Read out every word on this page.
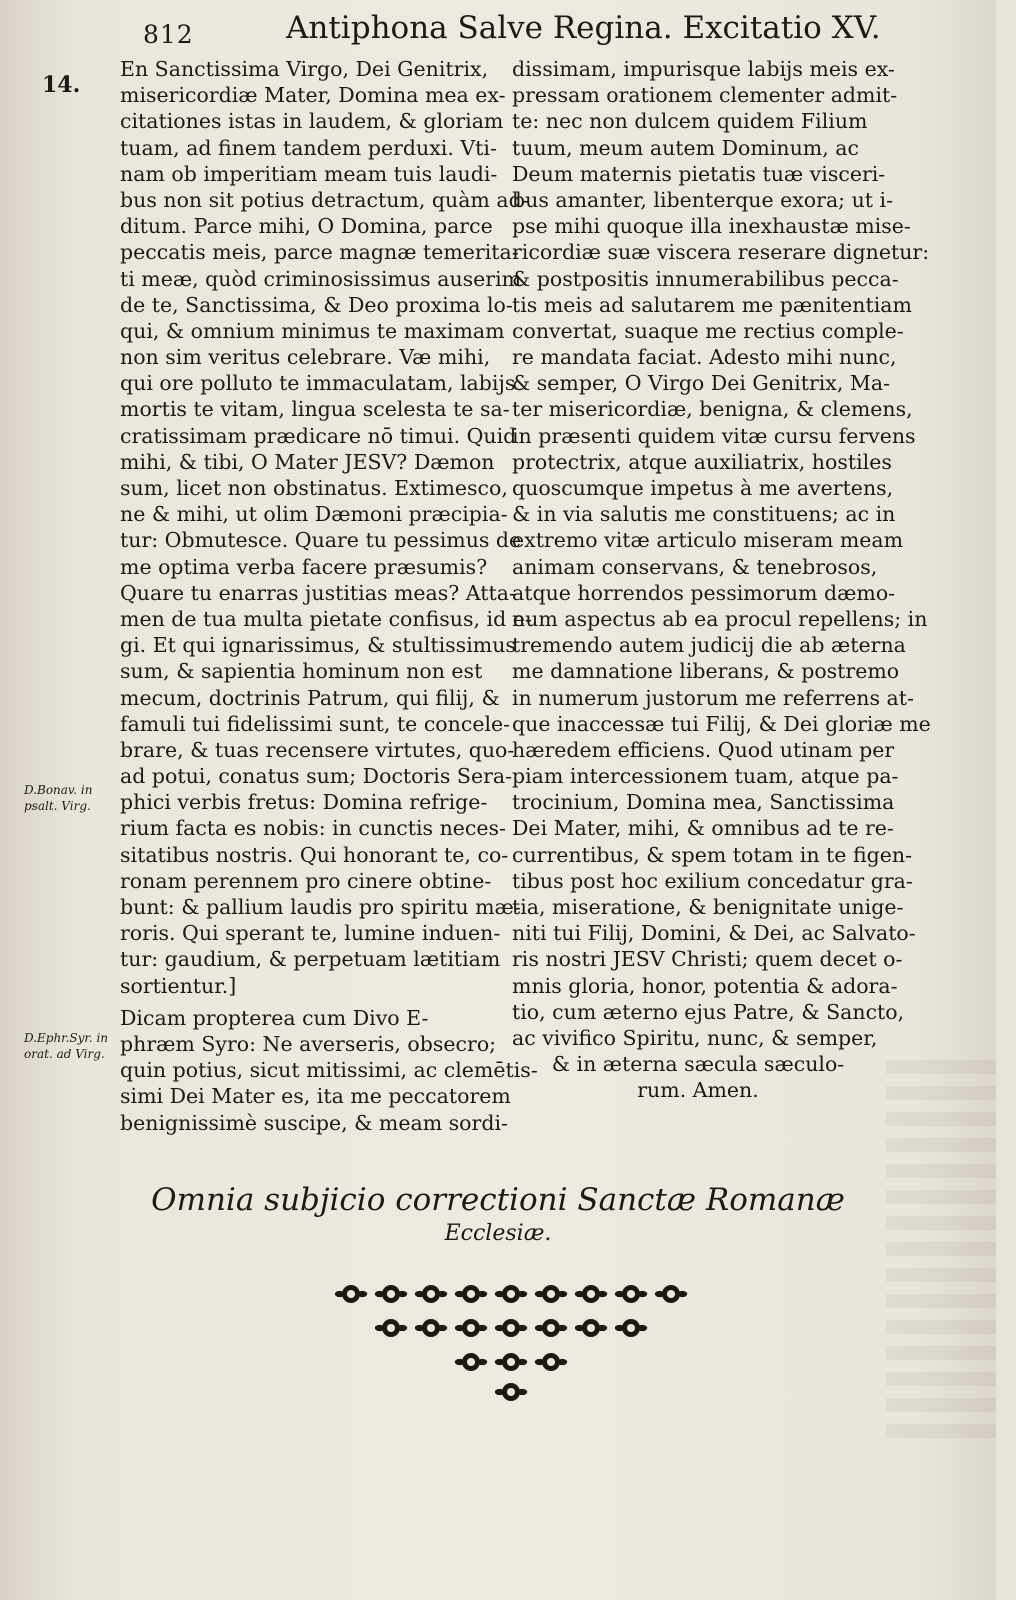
812	Antiphona Salve Regina. Excitatio XV.
14.
D.Bonav. in psalt. Virg.
D.Ephr.Syr. in orat. ad Virg.
En Sanctissima Virgo, Dei Genitrix,
misericordiæ Mater, Domina mea ex-
citationes istas in laudem, & gloriam
tuam, ad finem tandem perduxi. Vti-
nam ob imperitiam meam tuis laudi-
bus non sit potius detractum, quàm ad-
ditum. Parce mihi, O Domina, parce
peccatis meis, parce magnæ temerita-
ti meæ, quòd criminosissimus auserim
de te, Sanctissima, & Deo proxima lo-
qui, & omnium minimus te maximam
non sim veritus celebrare. Væ mihi,
qui ore polluto te immaculatam, labijs
mortis te vitam, lingua scelesta te sa-
cratissimam prædicare nō timui. Quid
mihi, & tibi, O Mater JESV? Dæmon
sum, licet non obstinatus. Extimesco,
ne & mihi, ut olim Dæmoni præcipia-
tur: Obmutesce. Quare tu pessimus de
me optima verba facere præsumis?
Quare tu enarras justitias meas? Atta-
men de tua multa pietate confisus, id e-
gi. Et qui ignarissimus, & stultissimus
sum, & sapientia hominum non est
mecum, doctrinis Patrum, qui filij, &
famuli tui fidelissimi sunt, te concele-
brare, & tuas recensere virtutes, quo-
ad potui, conatus sum; Doctoris Sera-
phici verbis fretus: Domina refrige-
rium facta es nobis: in cunctis neces-
sitatibus nostris. Qui honorant te, co-
ronam perennem pro cinere obtine-
bunt: & pallium laudis pro spiritu mæ-
roris. Qui sperant te, lumine induen-
tur: gaudium, & perpetuam lætitiam
sortientur.]
Dicam propterea cum Divo E-
phræm Syro: Ne averseris, obsecro;
quin potius, sicut mitissimi, ac clemētis-
simi Dei Mater es, ita me peccatorem
benignissimè suscipe, & meam sordi-
dissimam, impurisque labijs meis ex-
pressam orationem clementer admit-
te: nec non dulcem quidem Filium
tuum, meum autem Dominum, ac
Deum maternis pietatis tuæ visceri-
bus amanter, libenterque exora; ut i-
pse mihi quoque illa inexhaustæ mise-
ricordiæ suæ viscera reserare dignetur:
& postpositis innumerabilibus pecca-
tis meis ad salutarem me pænitentiam
convertat, suaque me rectius comple-
re mandata faciat. Adesto mihi nunc,
& semper, O Virgo Dei Genitrix, Ma-
ter misericordiæ, benigna, & clemens,
in præsenti quidem vitæ cursu fervens
protectrix, atque auxiliatrix, hostiles
quoscumque impetus à me avertens,
& in via salutis me constituens; ac in
extremo vitæ articulo miseram meam
animam conservans, & tenebrosos,
atque horrendos pessimorum dæmo-
num aspectus ab ea procul repellens; in
tremendo autem judicij die ab æterna
me damnatione liberans, & postremo
in numerum justorum me referrens at-
que inaccessæ tui Filij, & Dei gloriæ me
hæredem efficiens. Quod utinam per
piam intercessionem tuam, atque pa-
trocinium, Domina mea, Sanctissima
Dei Mater, mihi, & omnibus ad te re-
currentibus, & spem totam in te figen-
tibus post hoc exilium concedatur gra-
tia, miseratione, & benignitate unige-
niti tui Filij, Domini, & Dei, ac Salvato-
ris nostri JESV Christi; quem decet o-
mnis gloria, honor, potentia & adora-
tio, cum æterno ejus Patre, & Sancto,
ac vivifico Spiritu, nunc, & semper,
& in æterna sæcula sæculo-
rum. Amen.
Omnia subjicio correctioni Sanctæ Romanæ
Ecclesiæ.
